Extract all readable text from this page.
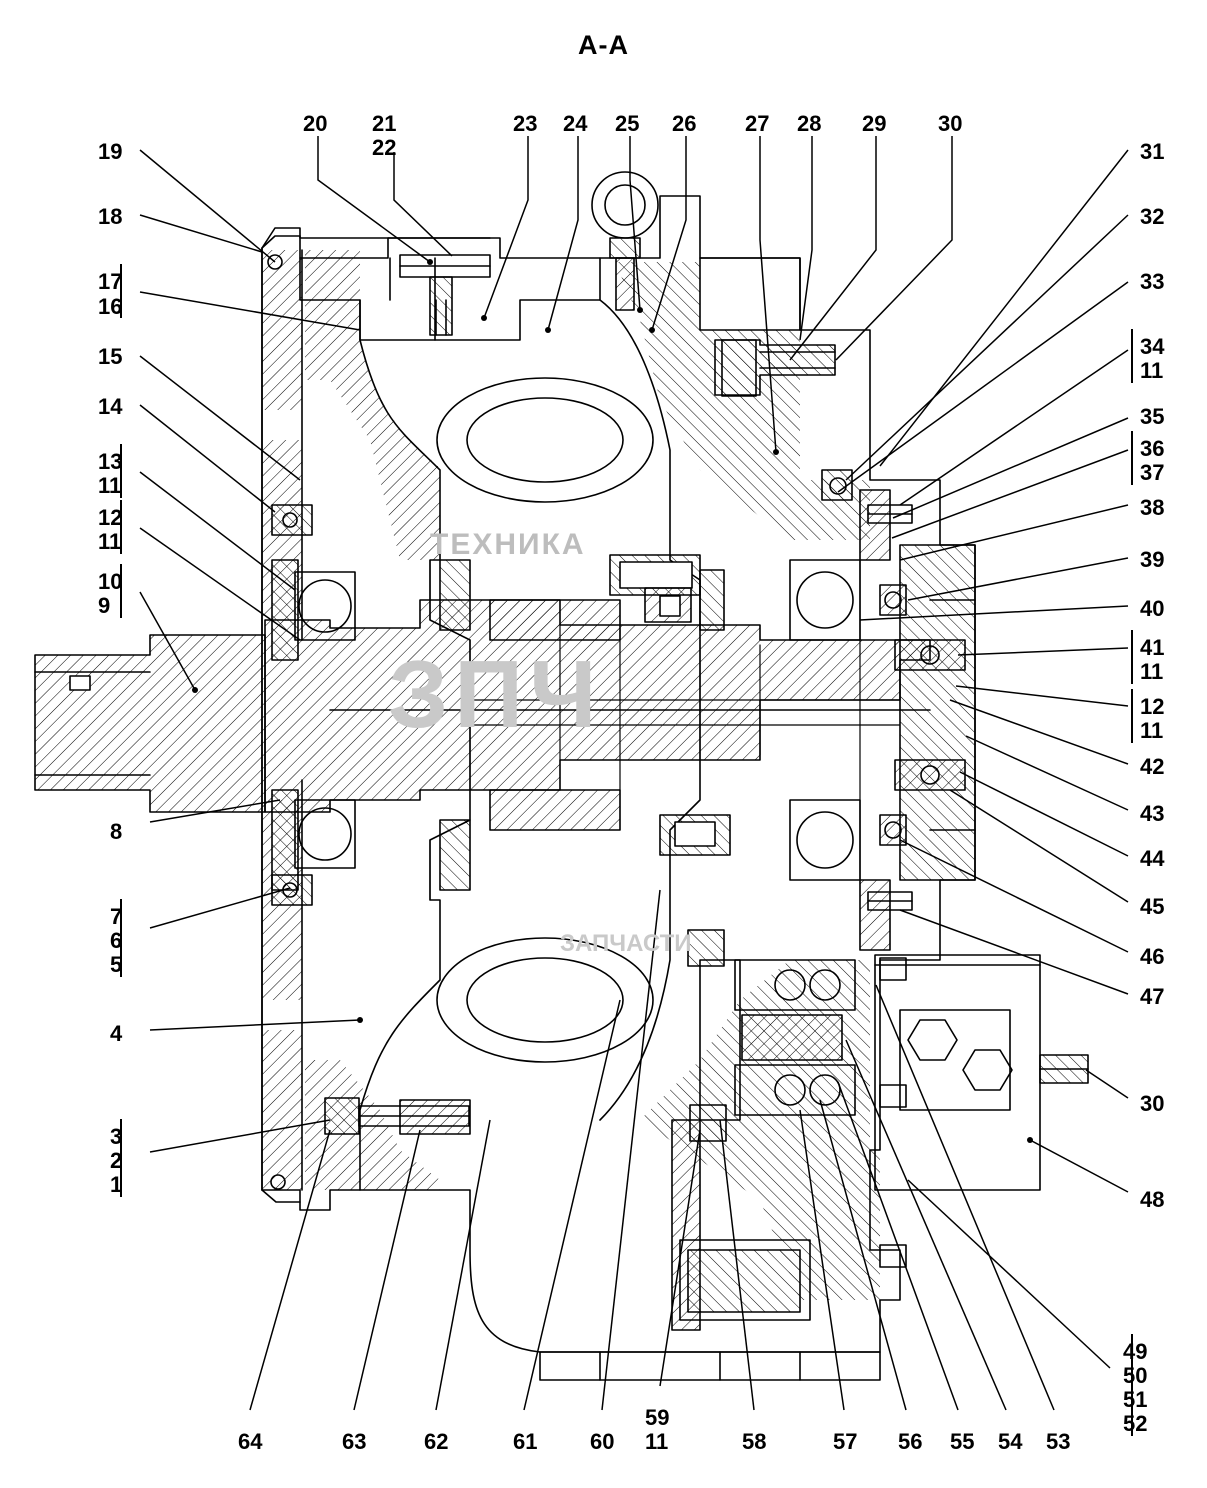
А-А
ТЕХНИКА
ЗПЧ
ЗАПЧАСТИ
20 21
22
23 24 25 26 27 28 29 30
19
18
17
16
15
14
13
11
12
11
10
9
8
7
6
5
4
3
2
1
31
32
33
34
11
35
36
37
38
39
40
41
11
12
11
42
43
44
45
46
47
30
48
49
50
51
52
64	63	62	61 60
59
11	58	57 56 55 54 53
